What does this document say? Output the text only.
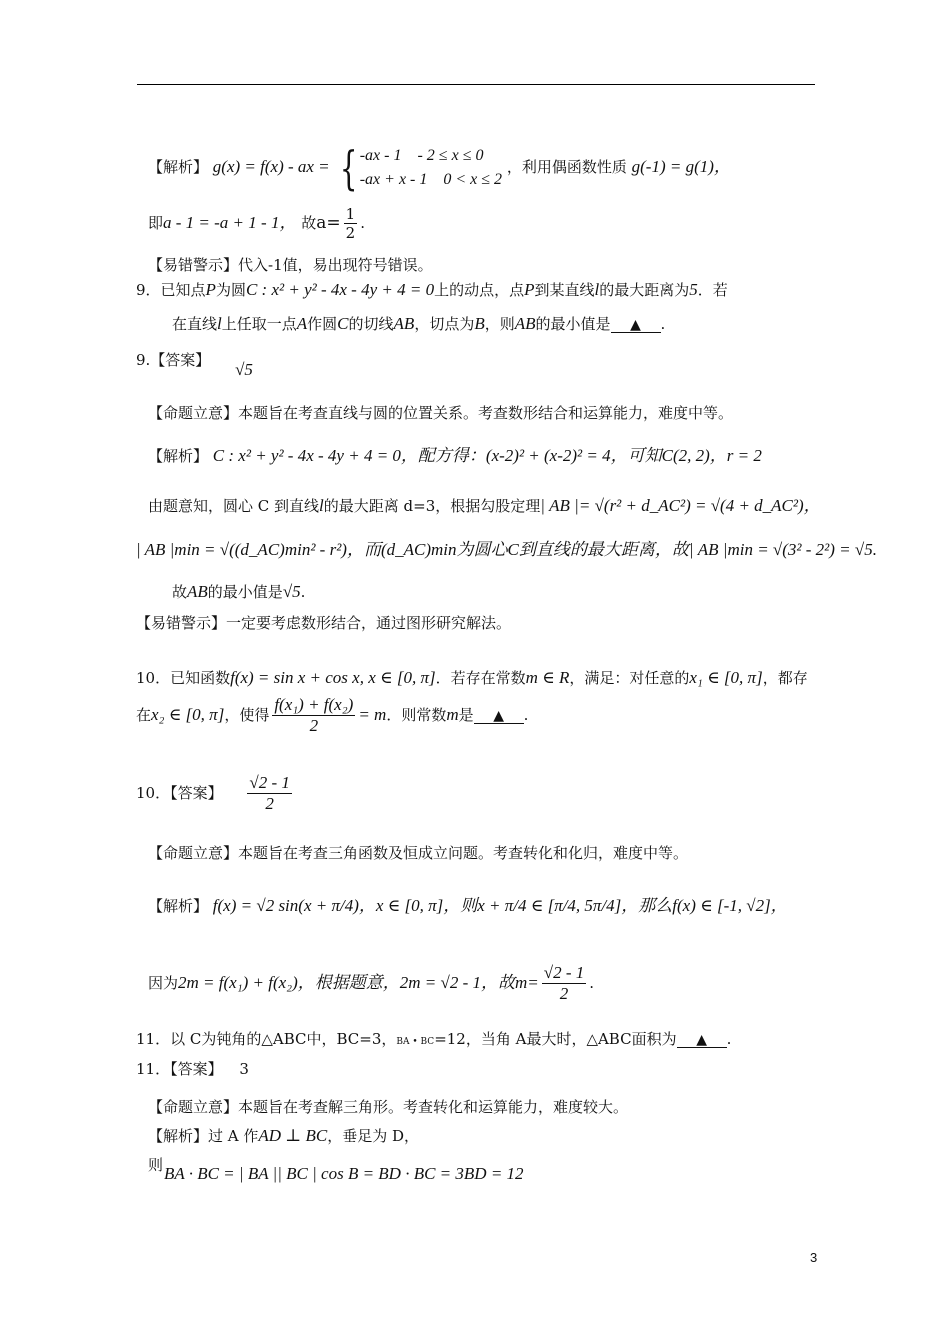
【解析】 g(x) = f(x) - ax = { -ax - 1    - 2 ≤ x ≤ 0
-ax + x - 1    0 < x ≤ 2
，利用偶函数性质 g(-1) = g(1)，
即a - 1 = -a + 1 - 1， 故$a= \frac{1}{2}$ .
【易错警示】代入-1值，易出现符号错误。
9．已知点P为圆C : x² + y² - 4x - 4y + 4 = 0上的动点，点P到某直线l的最大距离为5．若
在直线l上任取一点A作圆C的切线AB，切点为B，则AB的最小值是 ▲ .
9.【答案】 √5
【命题立意】本题旨在考查直线与圆的位置关系。考查数形结合和运算能力，难度中等。
【解析】 C : x² + y² - 4x - 4y + 4 = 0，配方得：(x-2)² + (x-2)² = 4，可知C(2, 2)，r = 2
由题意知，圆心 C 到直线l的最大距离 d=3，根据勾股定理| AB |= √(r² + d_AC²) = √(4 + d_AC²)，
| AB |min = √((d_AC)min² - r²)，而(d_AC)min为圆心C到直线的最大距离，故| AB |min = √(3² - 2²) = √5.
故AB的最小值是√5.
【易错警示】一定要考虑数形结合，通过图形研究解法。
10．已知函数f(x) = sin x + cos x, x ∈ [0, π]．若存在常数m ∈ R，满足：对任意的x₁ ∈ [0, π]，都存
在x₂ ∈ [0, π]，使得 $\frac{\text{f(x₁) + f(x₂)}}{2} = m$．则常数m是 ▲ .
10．【答案】 $\frac{√2 - 1}{2}$
【命题立意】本题旨在考查三角函数及恒成立问题。考查转化和化归，难度中等。
【解析】 f(x) = √2 sin(x + π/4)，x ∈ [0, π]，则x + π/4 ∈ [π/4, 5π/4]，那么f(x) ∈ [-1, √2]，
因为2m = f(x₁) + f(x₂)，根据题意，2m = √2 - 1，故$m= \frac{√2 - 1}{2}$ .
11．以 C为钝角的△ABC中，BC=3，BA • BC=12，当角 A最大时，△ABC面积为 ▲ .
11．【答案】 3
【命题立意】本题旨在考查解三角形。考查转化和运算能力，难度较大。
【解析】过 A 作AD ⊥ BC，垂足为 D，
则 BA · BC = | BA || BC | cos B = BD · BC = 3BD = 12
3
